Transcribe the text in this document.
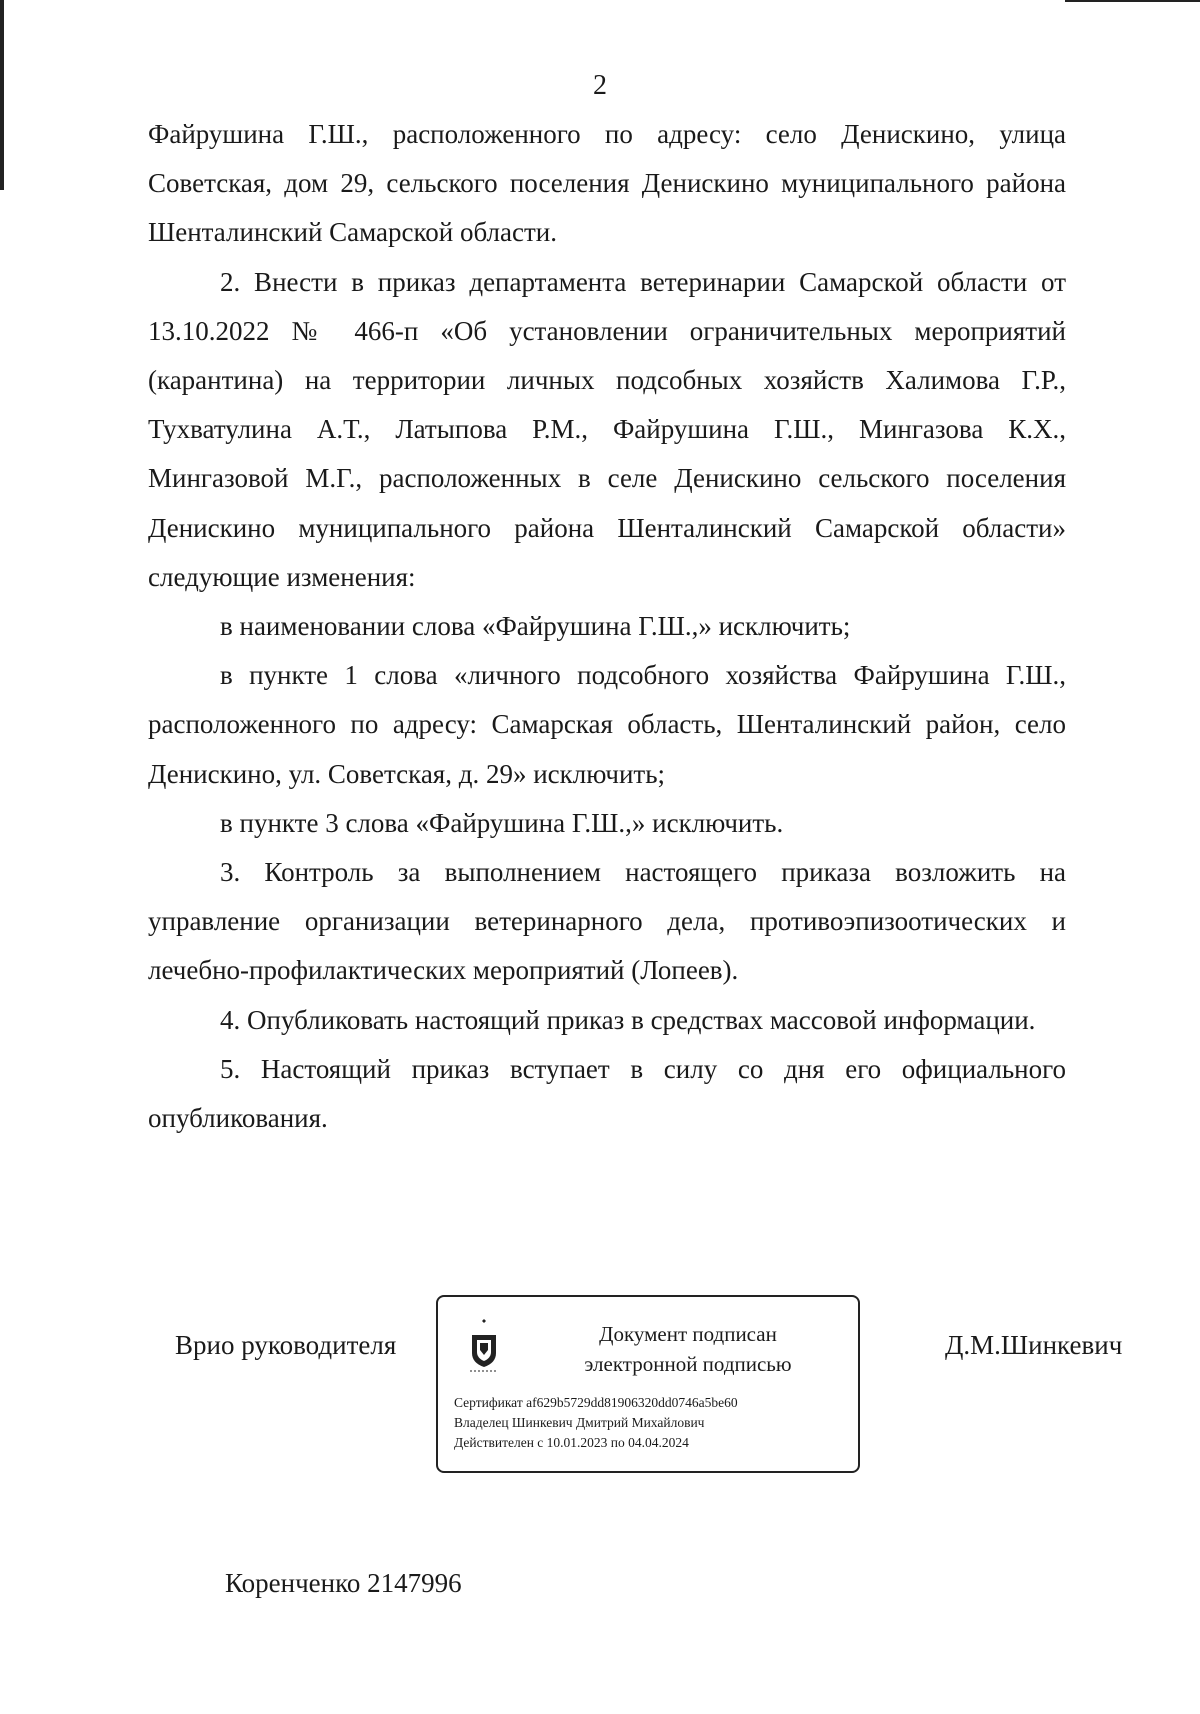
2

Файрушина Г.Ш., расположенного по адресу: село Денискино, улица Советская, дом 29, сельского поселения Денискино муниципального района Шенталинский Самарской области.

2. Внести в приказ департамента ветеринарии Самарской области от 13.10.2022 № 466-п «Об установлении ограничительных мероприятий (карантина) на территории личных подсобных хозяйств Халимова Г.Р., Тухватулина А.Т., Латыпова Р.М., Файрушина Г.Ш., Мингазова К.Х., Мингазовой М.Г., расположенных в селе Денискино сельского поселения Денискино муниципального района Шенталинский Самарской области» следующие изменения:

в наименовании слова «Файрушина Г.Ш.,» исключить;

в пункте 1 слова «личного подсобного хозяйства Файрушина Г.Ш., расположенного по адресу: Самарская область, Шенталинский район, село Денискино, ул. Советская, д. 29» исключить;

в пункте 3 слова «Файрушина Г.Ш.,» исключить.

3. Контроль за выполнением настоящего приказа возложить на управление организации ветеринарного дела, противоэпизоотических и лечебно-профилактических мероприятий (Лопеев).

4. Опубликовать настоящий приказ в средствах массовой информации.

5. Настоящий приказ вступает в силу со дня его официального опубликования.

Врио руководителя	Документ подписан
электронной подписью
Сертификат af629b5729dd81906320dd0746a5be60
Владелец Шинкевич Дмитрий Михайлович
Действителен с 10.01.2023 по 04.04.2024
Д.М.Шинкевич
Коренченко 2147996
